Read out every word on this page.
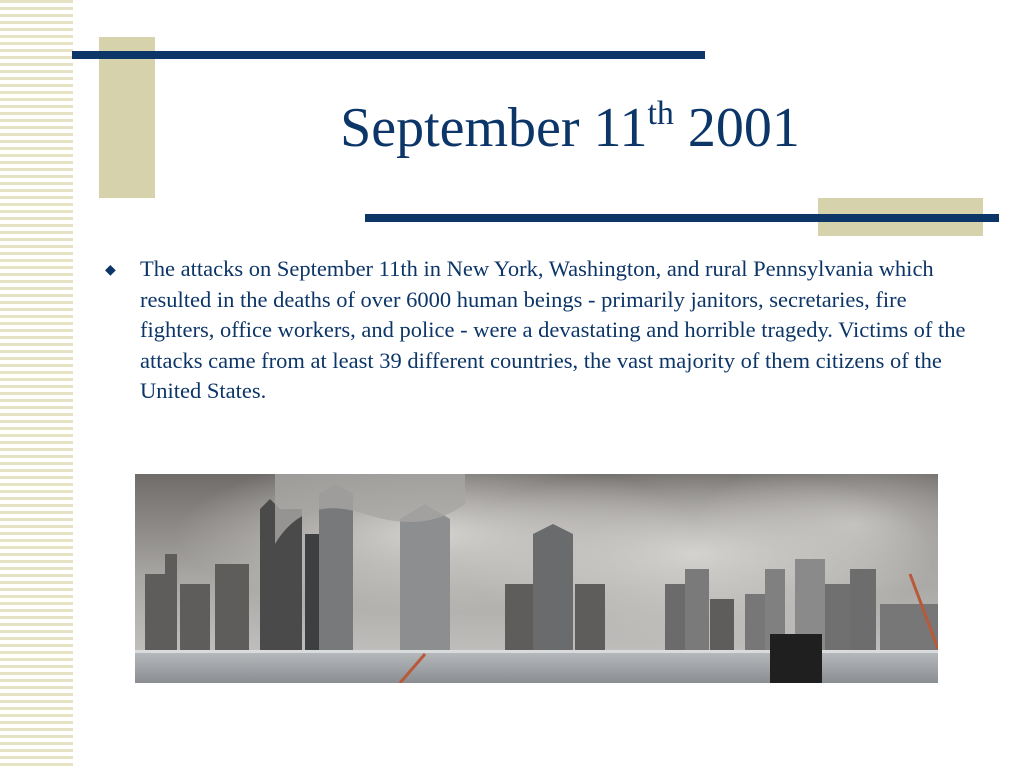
September 11th 2001
◆ The attacks on September 11th in New York, Washington, and rural Pennsylvania which resulted in the deaths of over 6000 human beings - primarily janitors, secretaries, fire fighters, office workers, and police - were a devastating and horrible tragedy. Victims of the attacks came from at least 39 different countries, the vast majority of them citizens of the United States.
